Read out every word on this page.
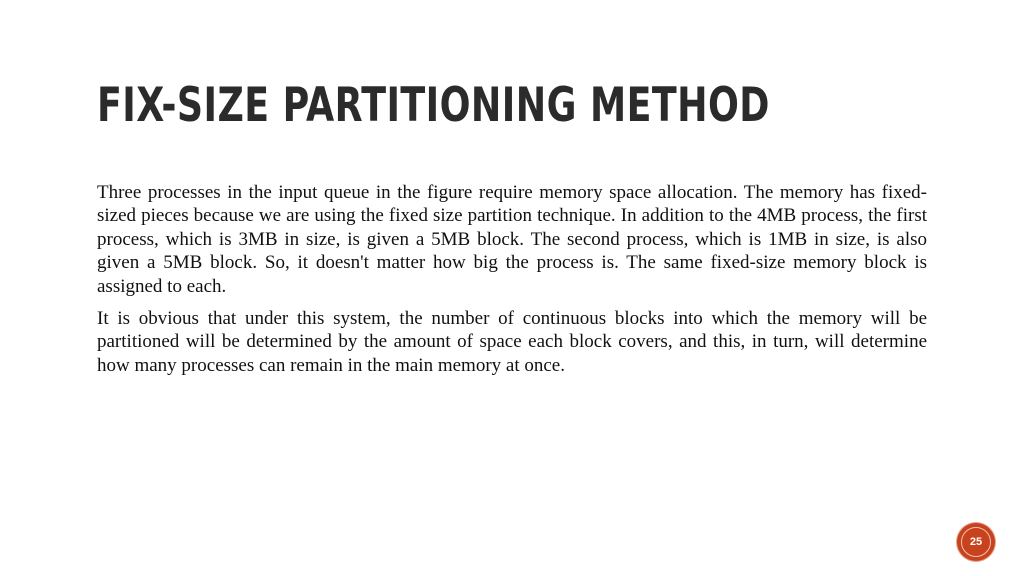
FIX-SIZE PARTITIONING METHOD

Three processes in the input queue in the figure require memory space allocation. The memory has fixed-sized pieces because we are using the fixed size partition technique. In addition to the 4MB process, the first process, which is 3MB in size, is given a 5MB block. The second process, which is 1MB in size, is also given a 5MB block. So, it doesn't matter how big the process is. The same fixed-size memory block is assigned to each.

It is obvious that under this system, the number of continuous blocks into which the memory will be partitioned will be determined by the amount of space each block covers, and this, in turn, will determine how many processes can remain in the main memory at once.

25
